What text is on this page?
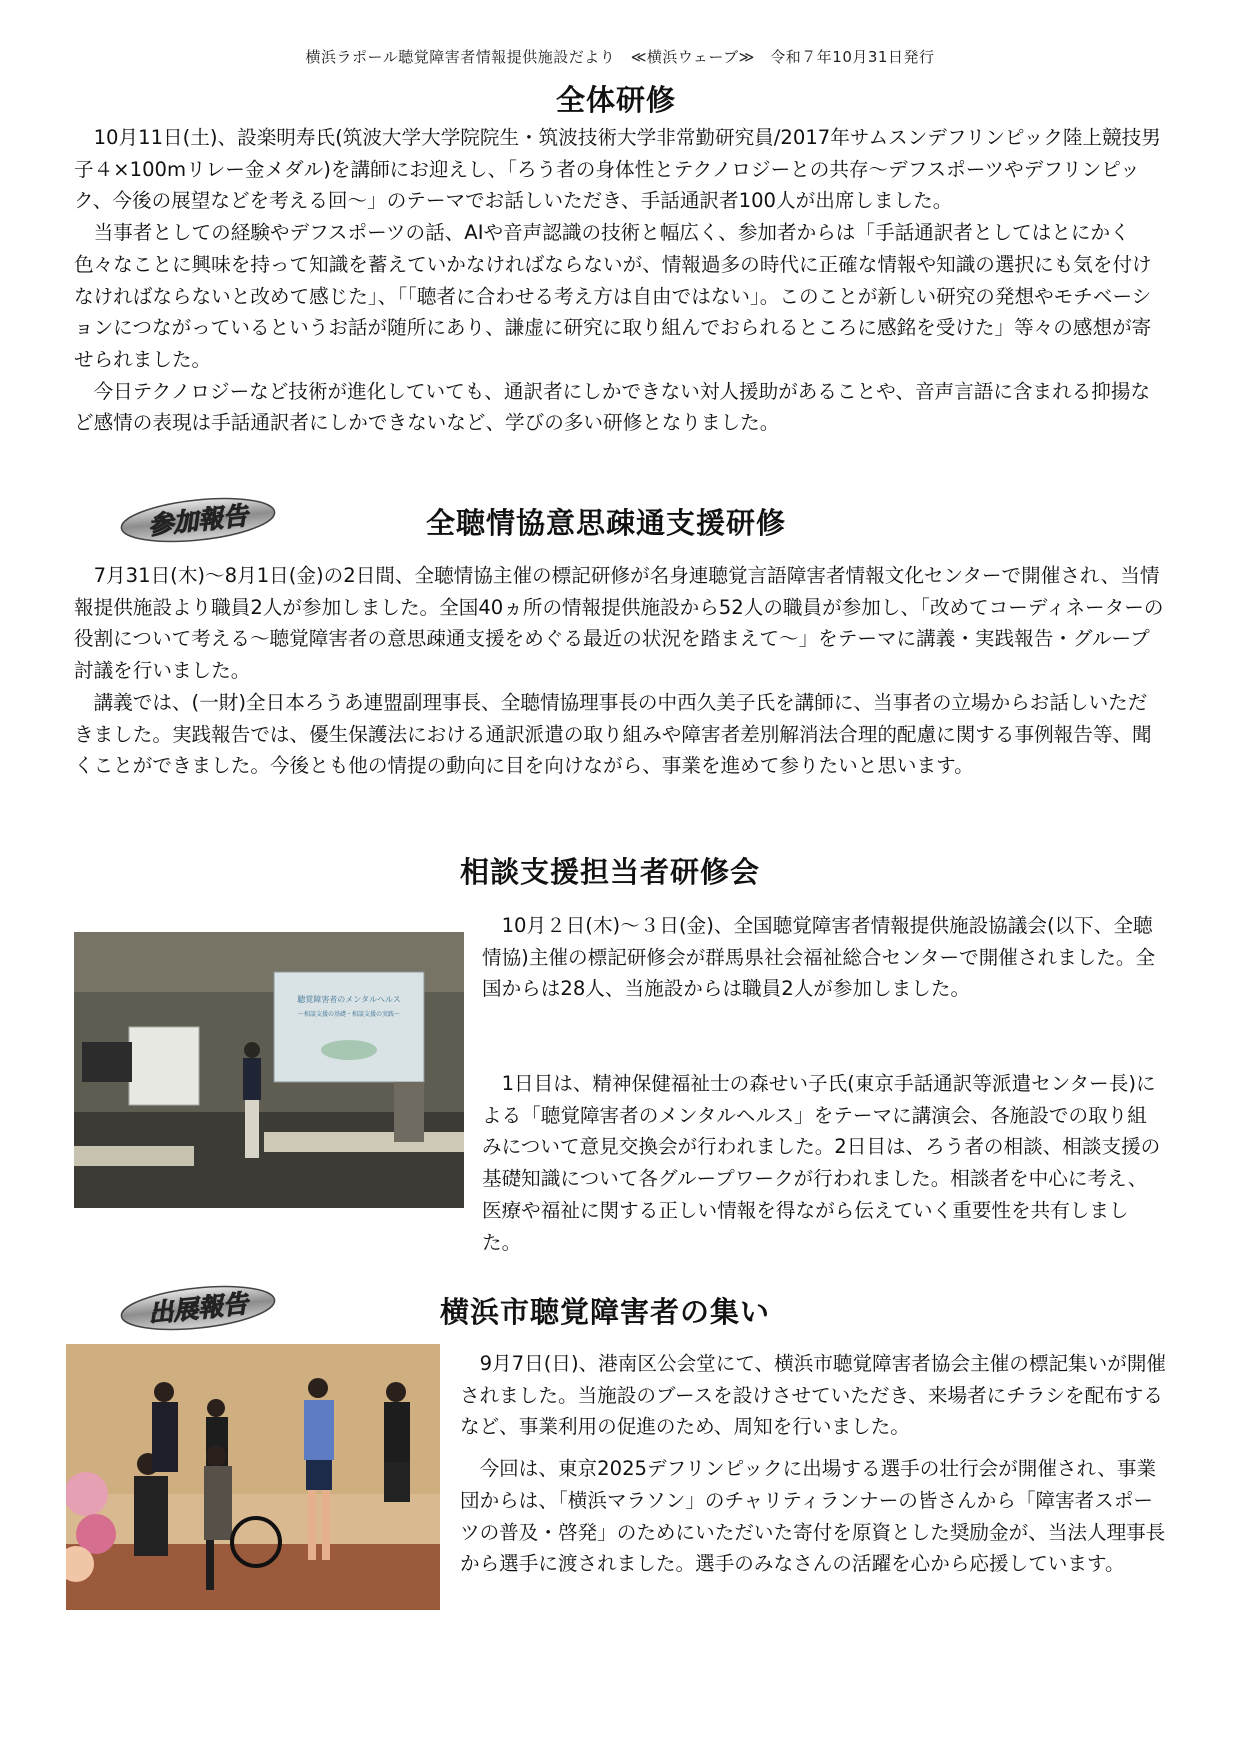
横浜ラポール聴覚障害者情報提供施設だより　≪横浜ウェーブ≫　令和７年10月31日発行
全体研修

10月11日(土)、設楽明寿氏(筑波大学大学院院生・筑波技術大学非常勤研究員/2017年サムスンデフリンピック陸上競技男子４×100mリレー金メダル)を講師にお迎えし、「ろう者の身体性とテクノロジーとの共存～デフスポーツやデフリンピック、今後の展望などを考える回～」のテーマでお話しいただき、手話通訳者100人が出席しました。

当事者としての経験やデフスポーツの話、AIや音声認識の技術と幅広く、参加者からは「手話通訳者としてはとにかく色々なことに興味を持って知識を蓄えていかなければならないが、情報過多の時代に正確な情報や知識の選択にも気を付けなければならないと改めて感じた」、「「聴者に合わせる考え方は自由ではない」。このことが新しい研究の発想やモチベーションにつながっているというお話が随所にあり、謙虚に研究に取り組んでおられるところに感銘を受けた」等々の感想が寄せられました。

今日テクノロジーなど技術が進化していても、通訳者にしかできない対人援助があることや、音声言語に含まれる抑揚など感情の表現は手話通訳者にしかできないなど、学びの多い研修となりました。

参加報告	全聴情協意思疎通支援研修

7月31日(木)～8月1日(金)の2日間、全聴情協主催の標記研修が名身連聴覚言語障害者情報文化センターで開催され、当情報提供施設より職員2人が参加しました。全国40ヵ所の情報提供施設から52人の職員が参加し、「改めてコーディネーターの役割について考える～聴覚障害者の意思疎通支援をめぐる最近の状況を踏まえて～」をテーマに講義・実践報告・グループ討議を行いました。

講義では、(一財)全日本ろうあ連盟副理事長、全聴情協理事長の中西久美子氏を講師に、当事者の立場からお話しいただきました。実践報告では、優生保護法における通訳派遣の取り組みや障害者差別解消法合理的配慮に関する事例報告等、聞くことができました。今後とも他の情提の動向に目を向けながら、事業を進めて参りたいと思います。

相談支援担当者研修会
聴覚障害者のメンタルヘルス
～相談支援の基礎・相談支援の実践～

10月２日(木)～３日(金)、全国聴覚障害者情報提供施設協議会(以下、全聴情協)主催の標記研修会が群馬県社会福祉総合センターで開催されました。全国からは28人、当施設からは職員2人が参加しました。

1日目は、精神保健福祉士の森せい子氏(東京手話通訳等派遣センター長)による「聴覚障害者のメンタルヘルス」をテーマに講演会、各施設での取り組みについて意見交換会が行われました。2日目は、ろう者の相談、相談支援の基礎知識について各グループワークが行われました。相談者を中心に考え、医療や福祉に関する正しい情報を得ながら伝えていく重要性を共有しました。

出展報告	横浜市聴覚障害者の集い

9月7日(日)、港南区公会堂にて、横浜市聴覚障害者協会主催の標記集いが開催されました。当施設のブースを設けさせていただき、来場者にチラシを配布するなど、事業利用の促進のため、周知を行いました。

今回は、東京2025デフリンピックに出場する選手の壮行会が開催され、事業団からは、「横浜マラソン」のチャリティランナーの皆さんから「障害者スポーツの普及・啓発」のためにいただいた寄付を原資とした奨励金が、当法人理事長から選手に渡されました。選手のみなさんの活躍を心から応援しています。
